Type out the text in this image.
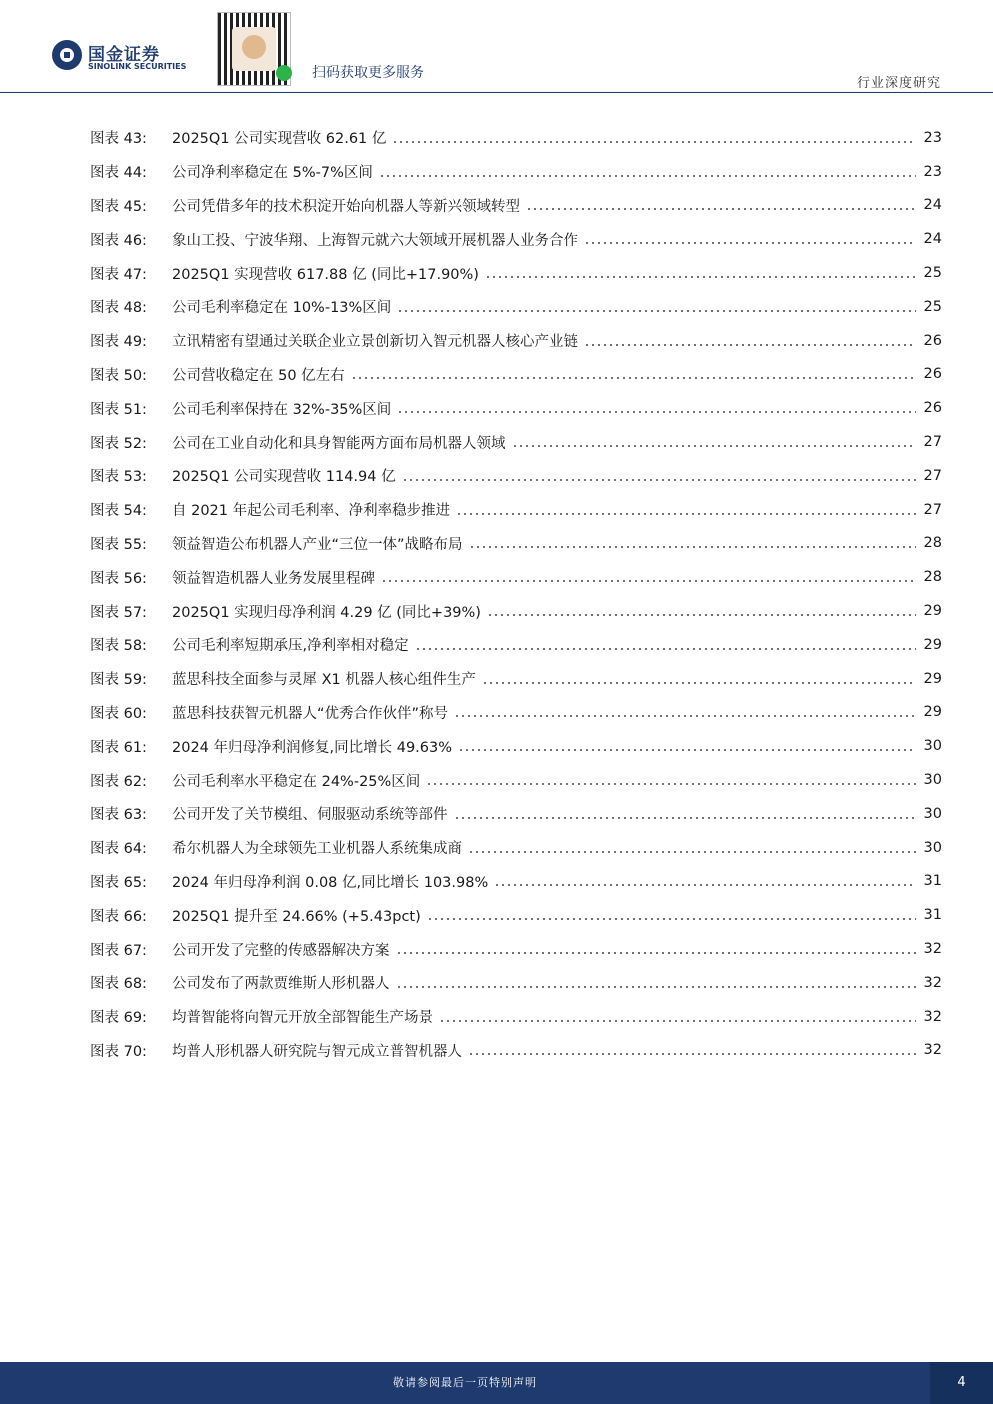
国金证券
SINOLINK SECURITIES	扫码获取更多服务
行业深度研究
图表 43:	2025Q1 公司实现营收 62.61 亿	23
图表 44:	公司净利率稳定在 5%-7%区间	23
图表 45:	公司凭借多年的技术积淀开始向机器人等新兴领域转型	24
图表 46:	象山工投、宁波华翔、上海智元就六大领域开展机器人业务合作	24
图表 47:	2025Q1 实现营收 617.88 亿 (同比+17.90%)	25
图表 48:	公司毛利率稳定在 10%-13%区间	25
图表 49:	立讯精密有望通过关联企业立景创新切入智元机器人核心产业链	26
图表 50:	公司营收稳定在 50 亿左右	26
图表 51:	公司毛利率保持在 32%-35%区间	26
图表 52:	公司在工业自动化和具身智能两方面布局机器人领域	27
图表 53:	2025Q1 公司实现营收 114.94 亿	27
图表 54:	自 2021 年起公司毛利率、净利率稳步推进	27
图表 55:	领益智造公布机器人产业“三位一体”战略布局	28
图表 56:	领益智造机器人业务发展里程碑	28
图表 57:	2025Q1 实现归母净利润 4.29 亿 (同比+39%)	29
图表 58:	公司毛利率短期承压,净利率相对稳定	29
图表 59:	蓝思科技全面参与灵犀 X1 机器人核心组件生产	29
图表 60:	蓝思科技获智元机器人“优秀合作伙伴”称号	29
图表 61:	2024 年归母净利润修复,同比增长 49.63%	30
图表 62:	公司毛利率水平稳定在 24%-25%区间	30
图表 63:	公司开发了关节模组、伺服驱动系统等部件	30
图表 64:	希尔机器人为全球领先工业机器人系统集成商	30
图表 65:	2024 年归母净利润 0.08 亿,同比增长 103.98%	31
图表 66:	2025Q1 提升至 24.66% (+5.43pct)	31
图表 67:	公司开发了完整的传感器解决方案	32
图表 68:	公司发布了两款贾维斯人形机器人	32
图表 69:	均普智能将向智元开放全部智能生产场景	32
图表 70:	均普人形机器人研究院与智元成立普智机器人	32
敬请参阅最后一页特别声明	4
